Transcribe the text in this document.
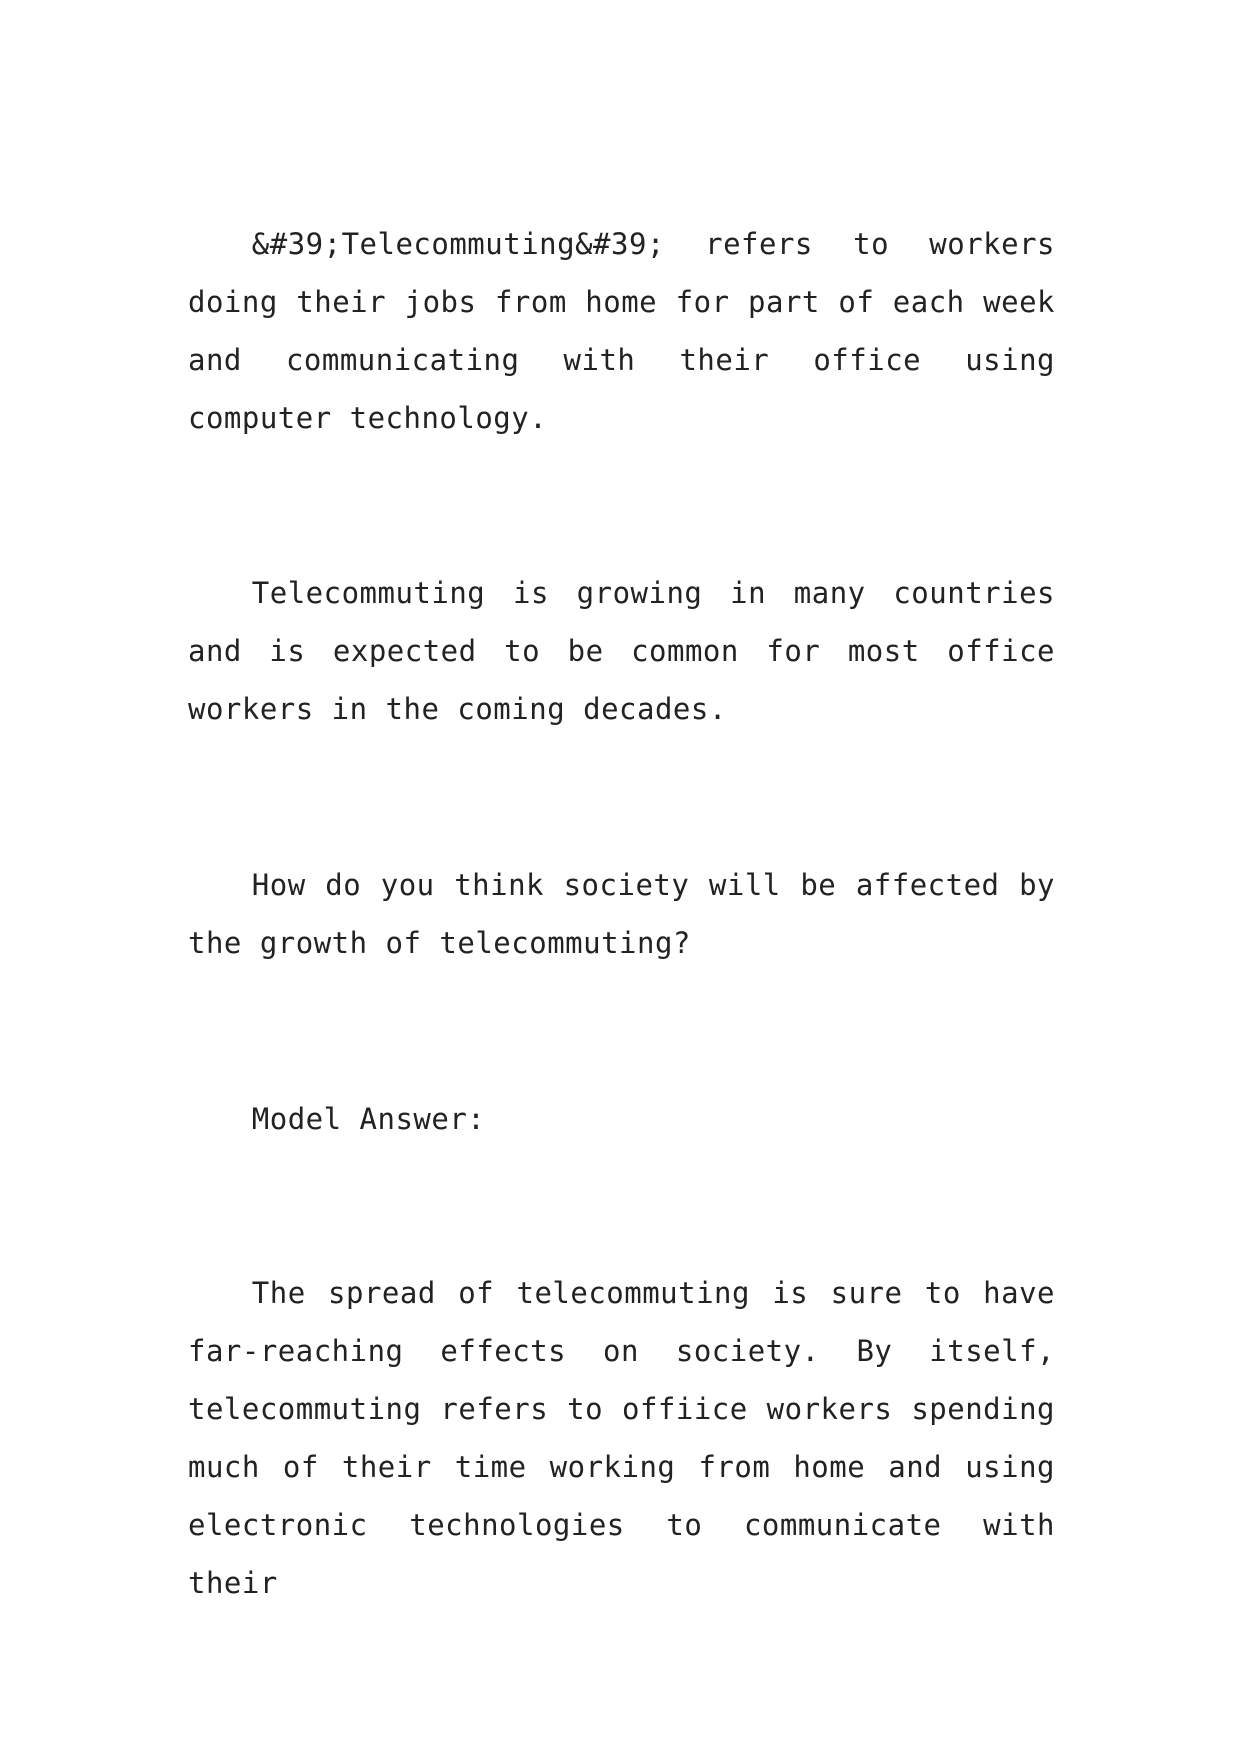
&#39;Telecommuting&#39; refers to workers doing their jobs from home for part of each week and communicating with their office using computer technology.

Telecommuting is growing in many countries and is expected to be common for most office workers in the coming decades.

How do you think society will be affected by the growth of telecommuting?

Model Answer:

The spread of telecommuting is sure to have far-reaching effects on society. By itself, telecommuting refers to offiice workers spending much of their time working from home and using electronic technologies to communicate with their
